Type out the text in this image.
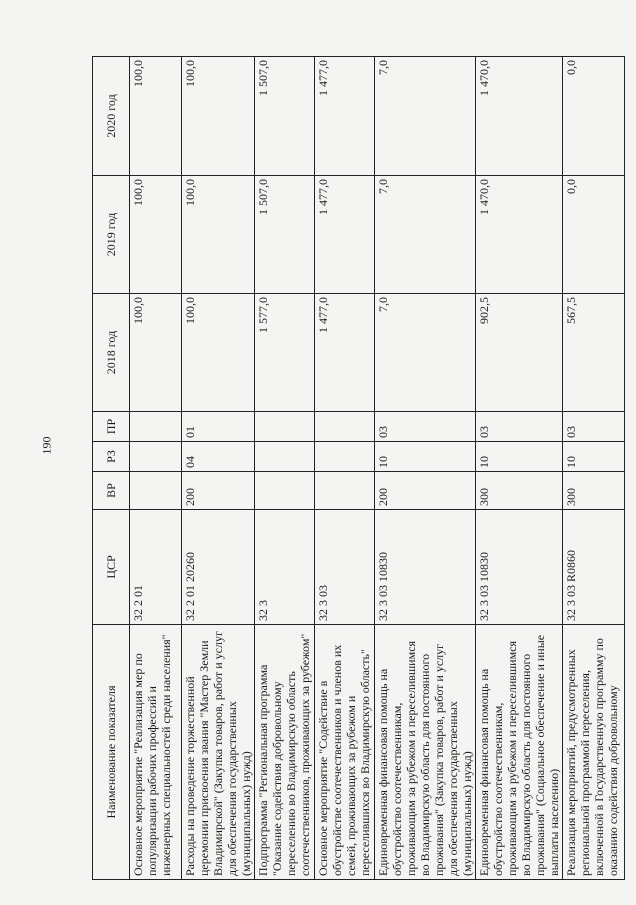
190
Наименование показателя	ЦСР	ВР	РЗ	ПР	2018 год	2019 год	2020 год
Основное мероприятие "Реализация мер по популяризации рабочих профессий и инженерных специальностей среди населения"	32 2 01				100,0	100,0	100,0
Расходы на проведение торжественной церемонии присвоения звания "Мастер Земли Владимирской" (Закупка товаров, работ и услуг для обеспечения государственных (муниципальных) нужд)	32 2 01 20260	200	04	01	100,0	100,0	100,0
Подпрограмма "Региональная программа "Оказание содействия добровольному переселению во Владимирскую область соотечественников, проживающих за рубежом"	32 3				1 577,0	1 507,0	1 507,0
Основное мероприятие "Содействие в обустройстве соотечественников и членов их семей, проживающих за рубежом и переселившихся во Владимирскую область"	32 3 03				1 477,0	1 477,0	1 477,0
Единовременная финансовая помощь на обустройство соотечественникам, проживающим за рубежом и переселившимся во Владимирскую область для постоянного проживания" (Закупка товаров, работ и услуг для обеспечения государственных (муниципальных) нужд)	32 3 03 10830	200	10	03	7,0	7,0	7,0
Единовременная финансовая помощь на обустройство соотечественникам, проживающим за рубежом и переселившимся во Владимирскую область для постоянного проживания" (Социальное обеспечение и иные выплаты населению)	32 3 03 10830	300	10	03	902,5	1 470,0	1 470,0
Реализация мероприятий, предусмотренных региональной программой переселения, включенной в Государственную программу по оказанию содействия добровольному	32 3 03 R0860	300	10	03	567,5	0,0	0,0
